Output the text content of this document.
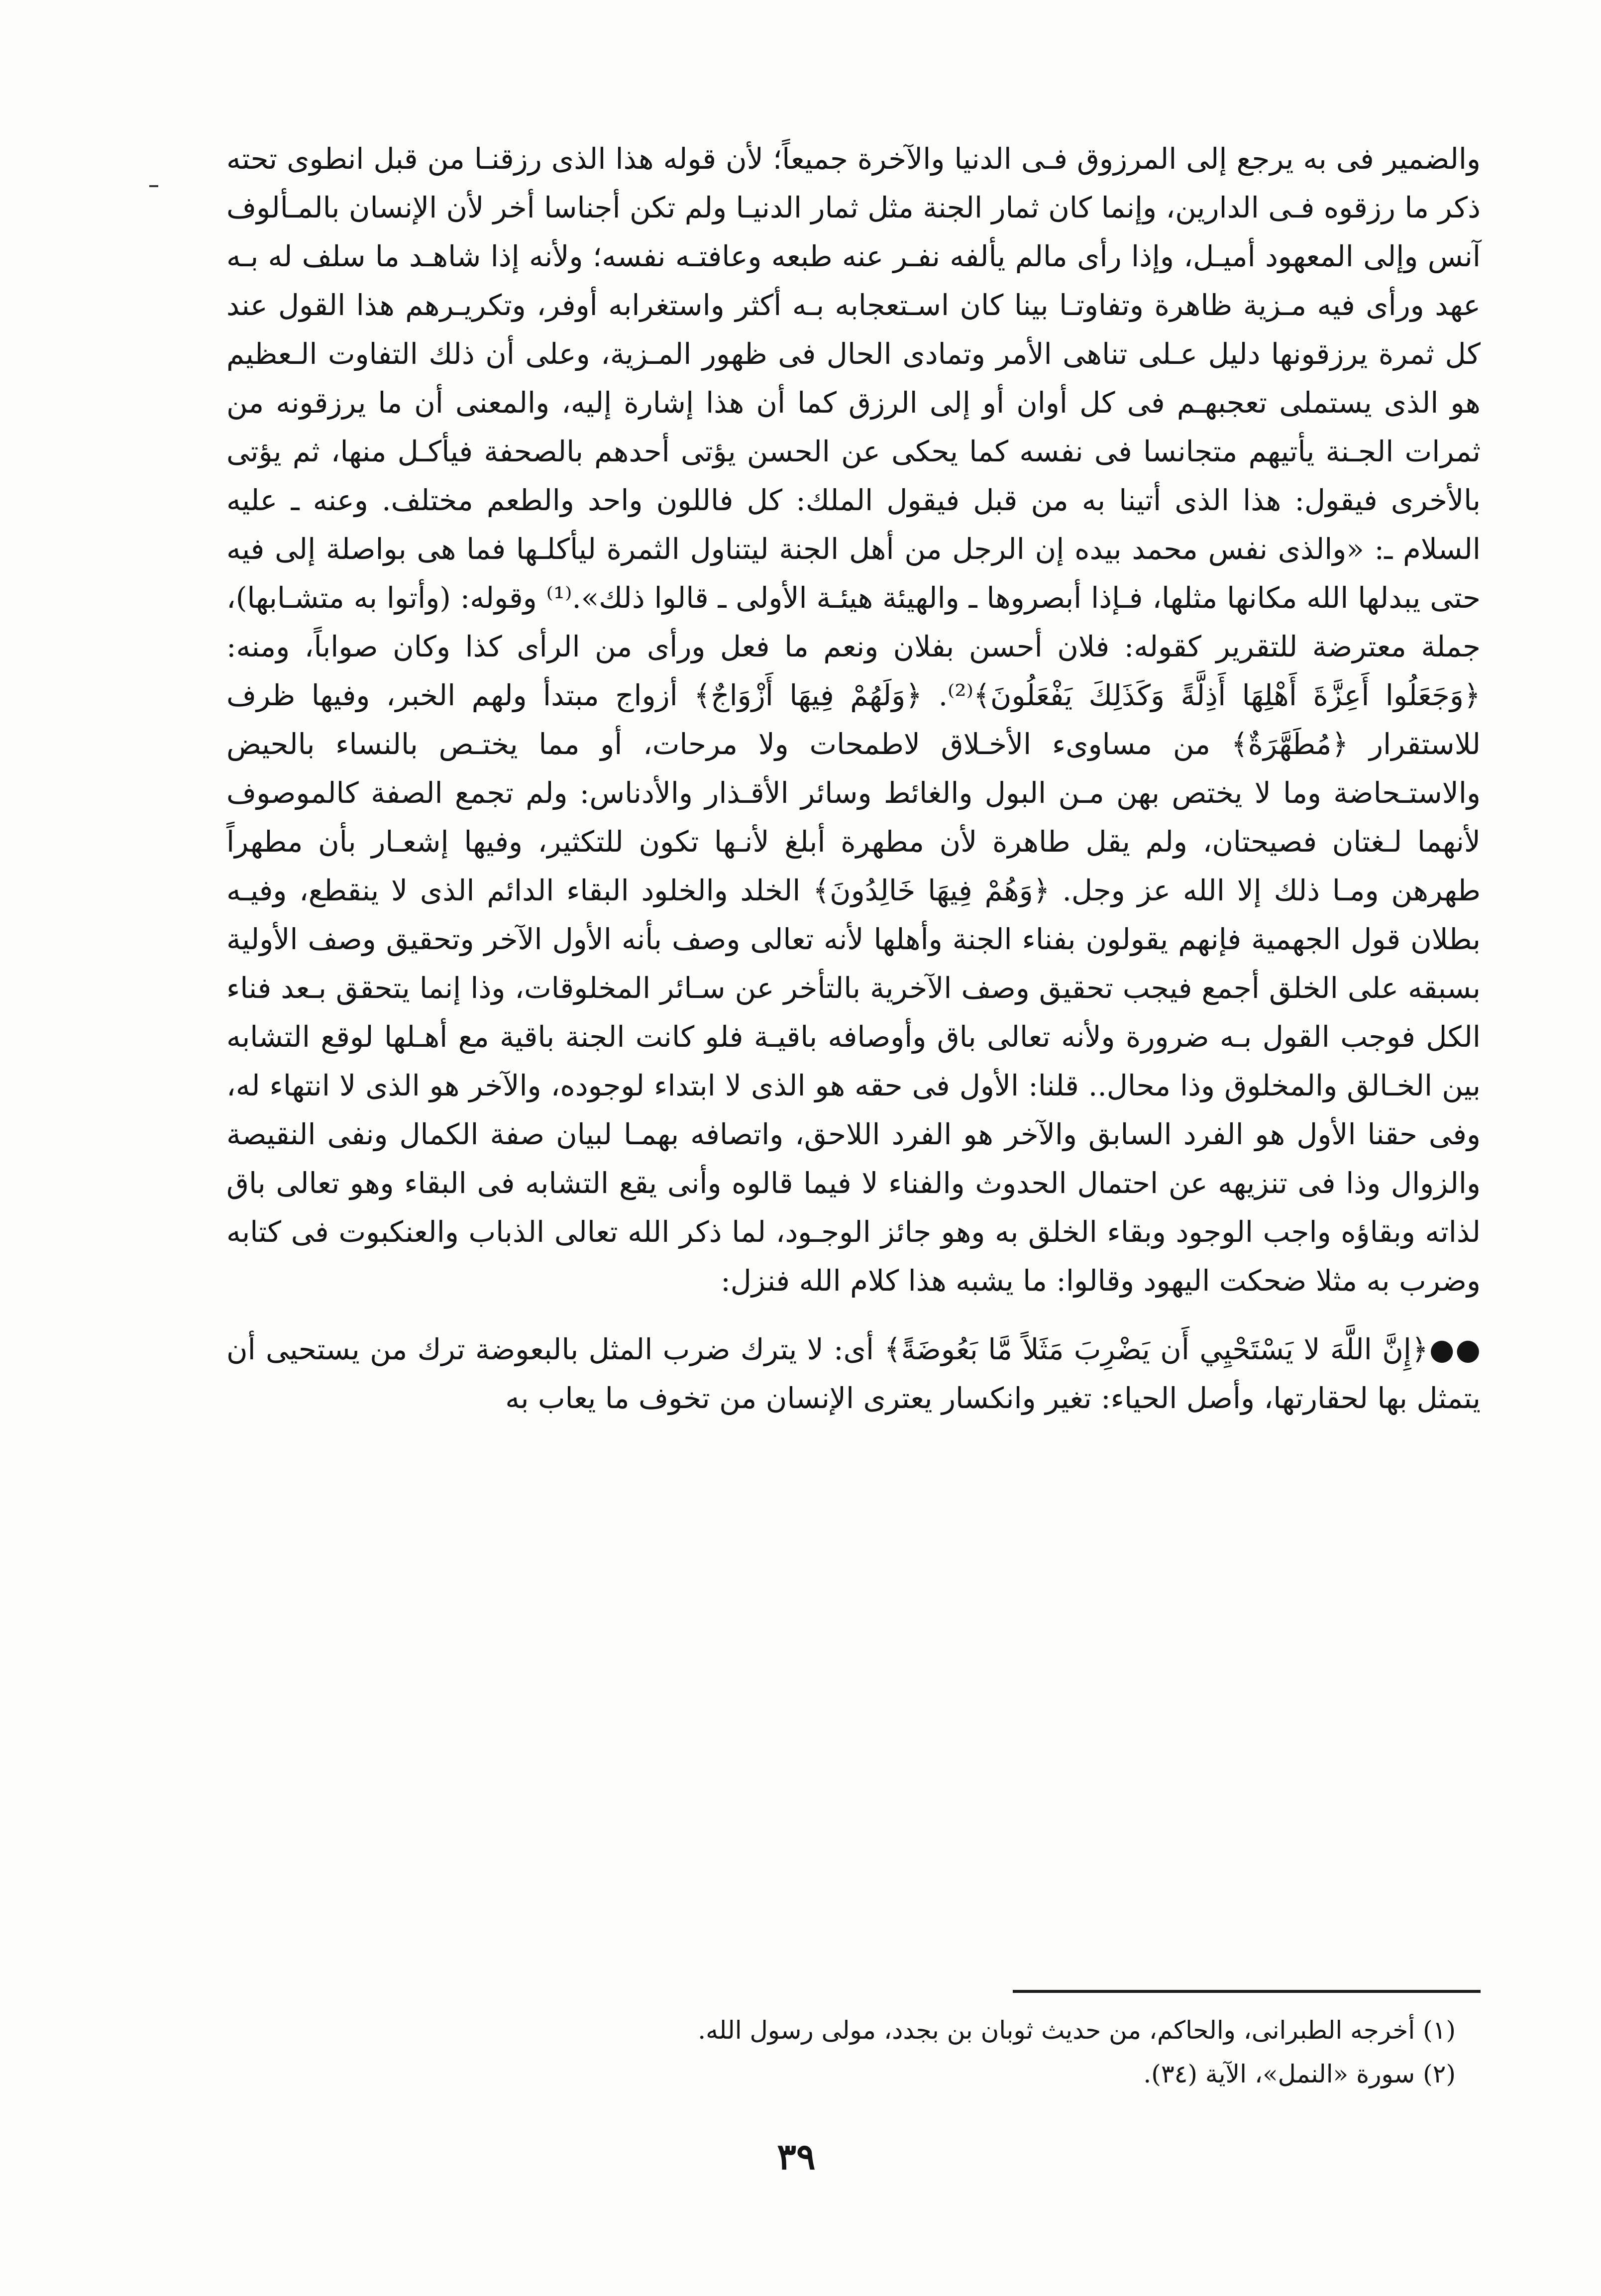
والضمير فى به يرجع إلى المرزوق فـى الدنيا والآخرة جميعاً؛ لأن قوله هذا الذى رزقنـا من قبل انطوى تحته ذكر ما رزقوه فـى الدارين، وإنما كان ثمار الجنة مثل ثمار الدنيـا ولم تكن أجناسا أخر لأن الإنسان بالمـألوف آنس وإلى المعهود أميـل، وإذا رأى مالم يألفه نفـر عنه طبعه وعافتـه نفسه؛ ولأنه إذا شاهـد ما سلف له بـه عهد ورأى فيه مـزية ظاهرة وتفاوتـا بينا كان اسـتعجابه بـه أكثر واستغرابه أوفر، وتكريـرهم هذا القول عند كل ثمرة يرزقونها دليل عـلى تناهى الأمر وتمادى الحال فى ظهور المـزية، وعلى أن ذلك التفاوت الـعظيم هو الذى يستملى تعجبهـم فى كل أوان أو إلى الرزق كما أن هذا إشارة إليه، والمعنى أن ما يرزقونه من ثمرات الجـنة يأتيهم متجانسا فى نفسه كما يحكى عن الحسن يؤتى أحدهم بالصحفة فيأكـل منها، ثم يؤتى بالأخرى فيقول: هذا الذى أتينا به من قبل فيقول الملك: كل فاللون واحد والطعم مختلف. وعنه ـ عليه السلام ـ: «والذى نفس محمد بيده إن الرجل من أهل الجنة ليتناول الثمرة ليأكلـها فما هى بواصلة إلى فيه حتى يبدلها الله مكانها مثلها، فـإذا أبصروها ـ والهيئة هيئـة الأولى ـ قالوا ذلك».⁽¹⁾ وقوله: (وأتوا به متشـابها)، جملة معترضة للتقرير كقوله: فلان أحسن بفلان ونعم ما فعل ورأى من الرأى كذا وكان صواباً، ومنه: ﴿وَجَعَلُوا أَعِزَّةَ أَهْلِهَا أَذِلَّةً وَكَذَلِكَ يَفْعَلُونَ﴾⁽²⁾. ﴿وَلَهُمْ فِيهَا أَزْوَاجٌ﴾ أزواج مبتدأ ولهم الخبر، وفيها ظرف للاستقرار ﴿مُطَهَّرَةٌ﴾ من مساوىء الأخـلاق لاطمحات ولا مرحات، أو مما يختـص بالنساء بالحيض والاستـحاضة وما لا يختص بهن مـن البول والغائط وسائر الأقـذار والأدناس: ولم تجمع الصفة كالموصوف لأنهما لـغتان فصيحتان، ولم يقل طاهرة لأن مطهرة أبلغ لأنـها تكون للتكثير، وفيها إشعـار بأن مطهراً طهرهن ومـا ذلك إلا الله عز وجل. ﴿وَهُمْ فِيهَا خَالِدُونَ﴾ الخلد والخلود البقاء الدائم الذى لا ينقطع، وفيـه بطلان قول الجهمية فإنهم يقولون بفناء الجنة وأهلها لأنه تعالى وصف بأنه الأول الآخر وتحقيق وصف الأولية بسبقه على الخلق أجمع فيجب تحقيق وصف الآخرية بالتأخر عن سـائر المخلوقات، وذا إنما يتحقق بـعد فناء الكل فوجب القول بـه ضرورة ولأنه تعالى باق وأوصافه باقيـة فلو كانت الجنة باقية مع أهـلها لوقع التشابه بين الخـالق والمخلوق وذا محال.. قلنا: الأول فى حقه هو الذى لا ابتداء لوجوده، والآخر هو الذى لا انتهاء له، وفى حقنا الأول هو الفرد السابق والآخر هو الفرد اللاحق، واتصافه بهمـا لبيان صفة الكمال ونفى النقيصة والزوال وذا فى تنزيهه عن احتمال الحدوث والفناء لا فيما قالوه وأنى يقع التشابه فى البقاء وهو تعالى باق لذاته وبقاؤه واجب الوجود وبقاء الخلق به وهو جائز الوجـود، لما ذكر الله تعالى الذباب والعنكبوت فى كتابه وضرب به مثلا ضحكت اليهود وقالوا: ما يشبه هذا كلام الله فنزل:

●●﴿إِنَّ اللَّهَ لا يَسْتَحْيِي أَن يَضْرِبَ مَثَلاً مَّا بَعُوضَةً﴾ أى: لا يترك ضرب المثل بالبعوضة ترك من يستحيى أن يتمثل بها لحقارتها، وأصل الحياء: تغير وانكسار يعترى الإنسان من تخوف ما يعاب به

(١) أخرجه الطبرانى، والحاكم، من حديث ثوبان بن بجدد، مولى رسول الله.
(٢) سورة «النمل»، الآية (٣٤).
٣٩
